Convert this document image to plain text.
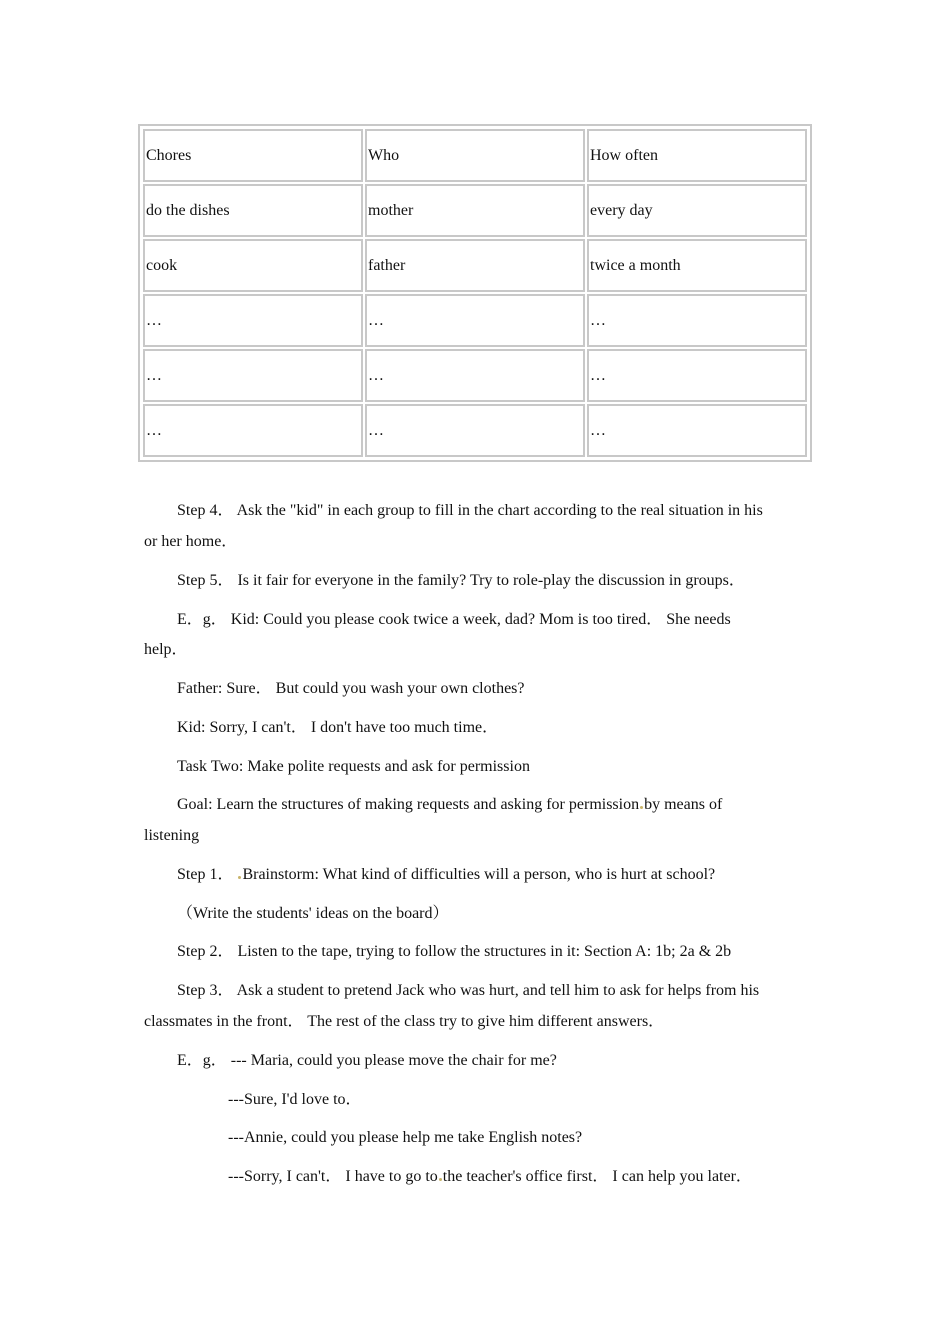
Chores	Who	How often
do the dishes	mother	every day
cook	father	twice a month
…	…	…
…	…	…
…	…	…
Step 4． Ask the "kid" in each group to fill in the chart according to the real situation in his
or her home．
Step 5． Is it fair for everyone in the family? Try to role-play the discussion in groups．
E．g． Kid: Could you please cook twice a week, dad? Mom is too tired． She needs
help．
Father: Sure． But could you wash your own clothes?
Kid: Sorry, I can't． I don't have too much time．
Task Two: Make polite requests and ask for permission
Goal: Learn the structures of making requests and asking for permission by means of
listening
Step 1． Brainstorm: What kind of difficulties will a person, who is hurt at school?
（Write the students' ideas on the board）
Step 2． Listen to the tape, trying to follow the structures in it: Section A: 1b; 2a & 2b
Step 3． Ask a student to pretend Jack who was hurt, and tell him to ask for helps from his
classmates in the front． The rest of the class try to give him different answers．
E．g． --- Maria, could you please move the chair for me?
---Sure, I'd love to．
---Annie, could you please help me take English notes?
---Sorry, I can't． I have to go to the teacher's office first． I can help you later．
